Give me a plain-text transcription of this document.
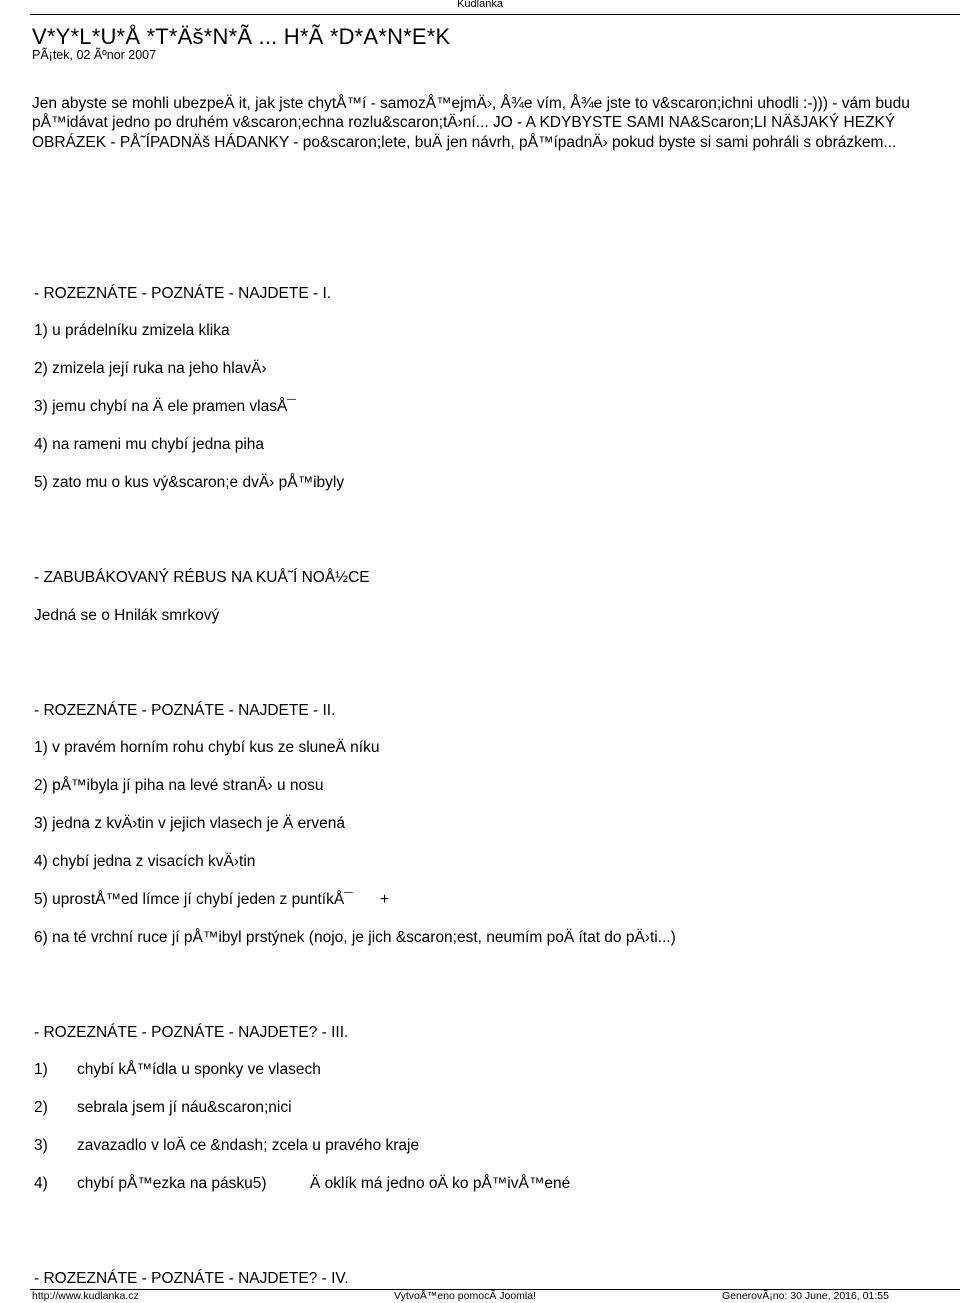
Kudlanka
V*Y*L*U*Å *T*Äš*N*Ã ... H*Ã *D*A*N*E*K
PÃ¡tek, 02 Ãºnor 2007
Jen abyste se mohli ubezpeÄ it, jak jste chytÅ™í - samozÅ™ejmÄ›, Å¾e vím, Å¾e jste to v&scaron;ichni uhodli :-))) - vám budu
pÅ™idávat jedno po druhém v&scaron;echna rozlu&scaron;tÄ›ní... JO - A KDYBYSTE SAMI NA&Scaron;LI NÄšJAKÝ HEZKÝ
OBRÁZEK - PÅ˜ÍPADNÄš HÁDANKY - po&scaron;lete, buÄ jen návrh, pÅ™ípadnÄ› pokud byste si sami pohráli s obrázkem...
- ROZEZNÁTE - POZNÁTE - NAJDETE - I.
1) u prádelníku zmizela klika
2) zmizela její ruka na jeho hlavÄ›
3) jemu chybí na Ä ele pramen vlasÅ¯
4) na rameni mu chybí jedna piha
5) zato mu o kus vý&scaron;e dvÄ› pÅ™ibyly
- ZABUBÁKOVANÝ RÉBUS NA KUÅ˜Í NOÅ½CE
Jedná se o Hnilák smrkový
- ROZEZNÁTE - POZNÁTE - NAJDETE - II.
1) v pravém horním rohu chybí kus ze sluneÄ níku
2) pÅ™ibyla jí piha na levé stranÄ› u nosu
3) jedna z kvÄ›tin v jejich vlasech je Ä ervená
4) chybí jedna z visacích kvÄ›tin
5) uprostÅ™ed límce jí chybí jeden z puntíkÅ¯ +
6) na té vrchní ruce jí pÅ™ibyl prstýnek (nojo, je jich &scaron;est, neumím poÄ ítat do pÄ›ti...)
- ROZEZNÁTE - POZNÁTE - NAJDETE? - III.
1) chybí kÅ™ídla u sponky ve vlasech
2) sebrala jsem jí náu&scaron;nici
3) zavazadlo v loÄ ce &ndash; zcela u pravého kraje
4) chybí pÅ™ezka na pásku5)	Ä oklík má jedno oÄ ko pÅ™ivÅ™ené
- ROZEZNÁTE - POZNÁTE - NAJDETE? - IV.
http://www.kudlanka.cz	VytvoÅ™eno pomocÃ Joomla!	GenerovÃ¡no: 30 June, 2016, 01:55
